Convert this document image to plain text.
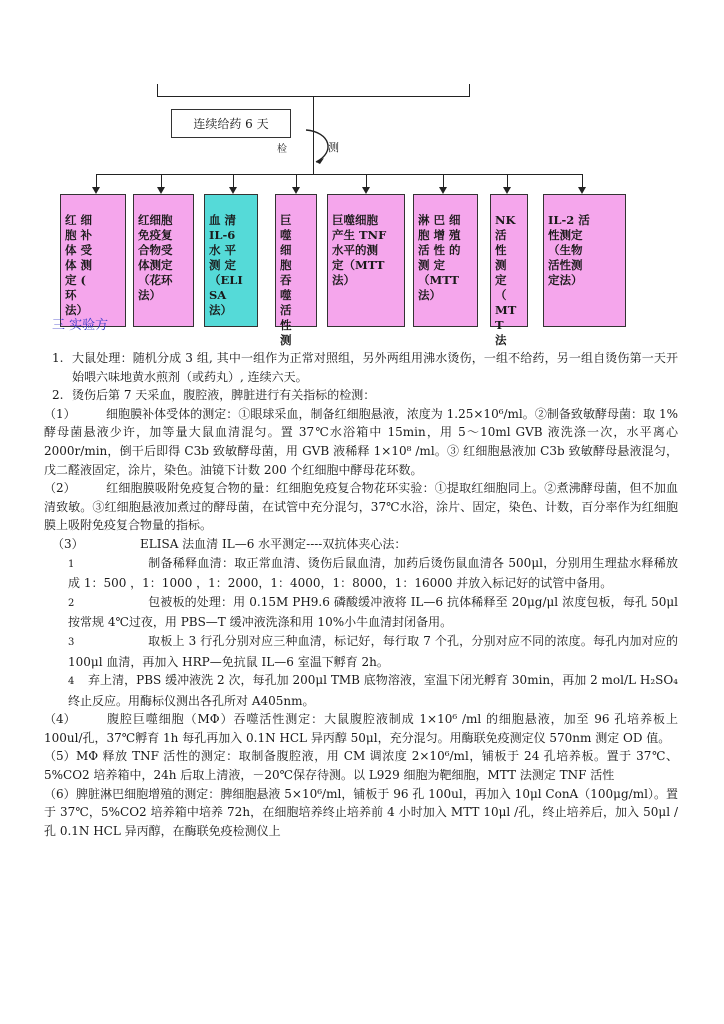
连续给药 6 天
检	测

红 细
胞 补
体 受
体 测
定 (
环
法）

红细胞
免疫复
合物受
体测定
（花环
法）

血 清
IL-6
水 平
测 定
（ELI
SA
法）

巨
噬
细
胞
吞
噬
活
性
测

巨噬细胞
产生 TNF
水平的测
定（MTT
法）

淋 巴 细
胞 增 殖
活 性 的
测 定
（MTT
法）

NK
活
性
测
定
（
MT
T
法

IL-2 活
性测定
（生物
活性测
定法）

三 实验方
1. 大鼠处理：随机分成 3 组, 其中一组作为正常对照组，另外两组用沸水烫伤，一组不给药，另一组自烫伤第一天开始喂六味地黄水煎剂（或药丸）, 连续六天。
2. 烫伤后第 7 天采血，腹腔液，脾脏进行有关指标的检测：
（1）	细胞膜补体受体的测定：①眼球采血，制备红细胞悬液，浓度为 1.25×10⁶/ml。②制备致敏酵母菌：取 1%酵母菌悬液少许，加等量大鼠血清混匀。置 37℃水浴箱中 15min，用 5～10ml GVB 液洗涤一次，水平离心 2000r/min，倒干后即得 C3b 致敏酵母菌，用 GVB 液稀释 1×10⁸ /ml。③ 红细胞悬液加 C3b 致敏酵母悬液混匀，戊二醛液固定，涂片，染色。油镜下计数 200 个红细胞中酵母花环数。
（2）	红细胞膜吸附免疫复合物的量：红细胞免疫复合物花环实验：①提取红细胞同上。②煮沸酵母菌，但不加血清致敏。③红细胞悬液加煮过的酵母菌，在试管中充分混匀，37℃水浴，涂片、固定，染色、计数，百分率作为红细胞膜上吸附免疫复合物量的指标。
（3）	ELISA 法血清 IL—6 水平测定----双抗体夹心法：
1	制备稀释血清：取正常血清、烫伤后鼠血清，加药后烫伤鼠血清各 500μl，分别用生理盐水释稀放成 1：500 ，1：1000 ，1：2000，1：4000，1：8000，1：16000 并放入标记好的试管中备用。
2	包被板的处理：用 0.15M PH9.6 磷酸缓冲液将 IL—6 抗体稀释至 20μg/μl 浓度包板，每孔 50μl 按常规 4℃过夜，用 PBS—T 缓冲液洗涤和用 10%小牛血清封闭备用。
3	取板上 3 行孔分别对应三种血清，标记好，每行取 7 个孔，分别对应不同的浓度。每孔内加对应的 100μl 血清，再加入 HRP—免抗鼠 IL—6 室温下孵育 2h。
4 弃上清，PBS 缓冲液洗 2 次，每孔加 200μl TMB 底物溶液，室温下闭光孵育 30min，再加 2 mol/L H₂SO₄ 终止反应。用酶标仪测出各孔所对 A405nm。
（4）	腹腔巨噬细胞（MΦ）吞噬活性测定：大鼠腹腔液制成 1×10⁶ /ml 的细胞悬液，加至 96 孔培养板上 100ul/孔，37℃孵育 1h 每孔再加入 0.1N HCL 异丙醇 50μl，充分混匀。用酶联免疫测定仪 570nm 测定 OD 值。
（5）MΦ 释放 TNF 活性的测定：取制备腹腔液，用 CM 调浓度 2×10⁶/ml，铺板于 24 孔培养板。置于 37℃、5%CO2 培养箱中，24h 后取上清液，－20℃保存待测。以 L929 细胞为靶细胞，MTT 法测定 TNF 活性
（6）脾脏淋巴细胞增殖的测定：脾细胞悬液 5×10⁶/ml，铺板于 96 孔 100ul，再加入 10μl ConA（100μg/ml）。置于 37℃，5%CO2 培养箱中培养 72h，在细胞培养终止培养前 4 小时加入 MTT 10μl /孔，终止培养后，加入 50μl /孔 0.1N HCL 异丙醇，在酶联免疫检测仪上
